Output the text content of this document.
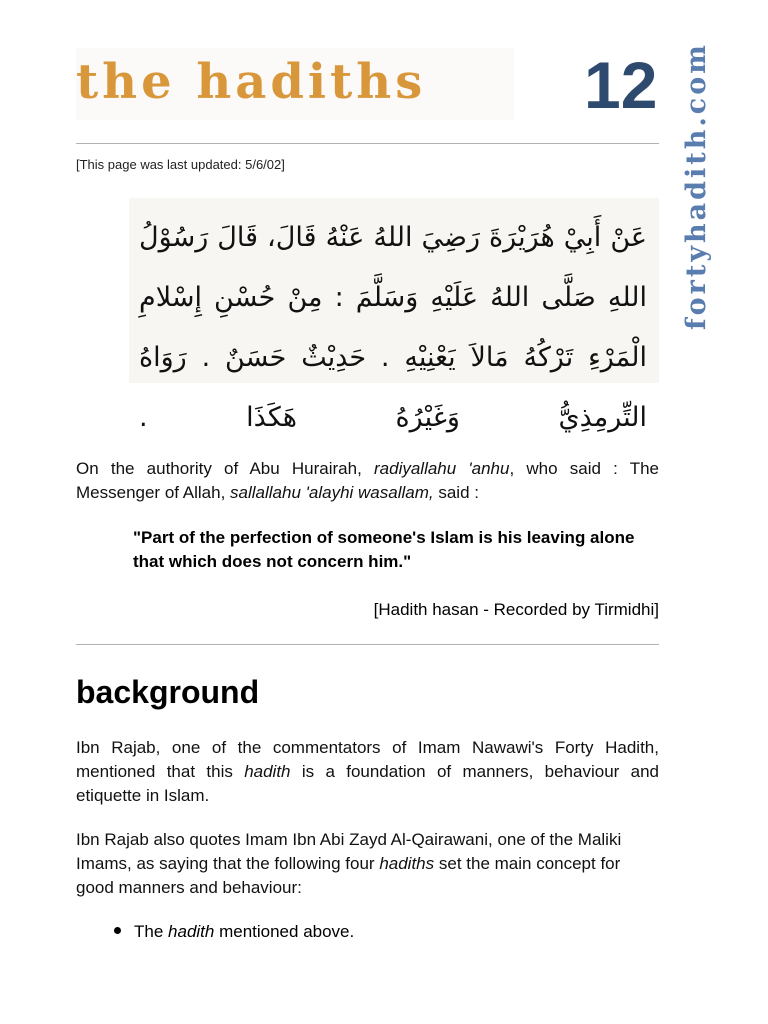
the hadiths 12 fortyhadith.com
[This page was last updated: 5/6/02]
عَنْ أَبِيْ هُرَيْرَةَ رَضِيَ اللهُ عَنْهُ قَالَ، قَالَ رَسُوْلُ اللهِ صَلَّى اللهُ عَلَيْهِ وَسَلَّمَ : مِنْ حُسْنِ إِسْلامِ الْمَرْءِ تَرْكُهُ مَالاَ يَعْنِيْهِ . حَدِيْثٌ حَسَنٌ . رَوَاهُ التِّرمِذِيُّ وَغَيْرُهُ هَكَذَا .
On the authority of Abu Hurairah, radiyallahu 'anhu, who said : The Messenger of Allah, sallallahu 'alayhi wasallam, said :
"Part of the perfection of someone's Islam is his leaving alone that which does not concern him."
[Hadith hasan - Recorded by Tirmidhi]
background
Ibn Rajab, one of the commentators of Imam Nawawi's Forty Hadith, mentioned that this hadith is a foundation of manners, behaviour and etiquette in Islam.
Ibn Rajab also quotes Imam Ibn Abi Zayd Al-Qairawani, one of the Maliki Imams, as saying that the following four hadiths set the main concept for good manners and behaviour:
The hadith mentioned above.
